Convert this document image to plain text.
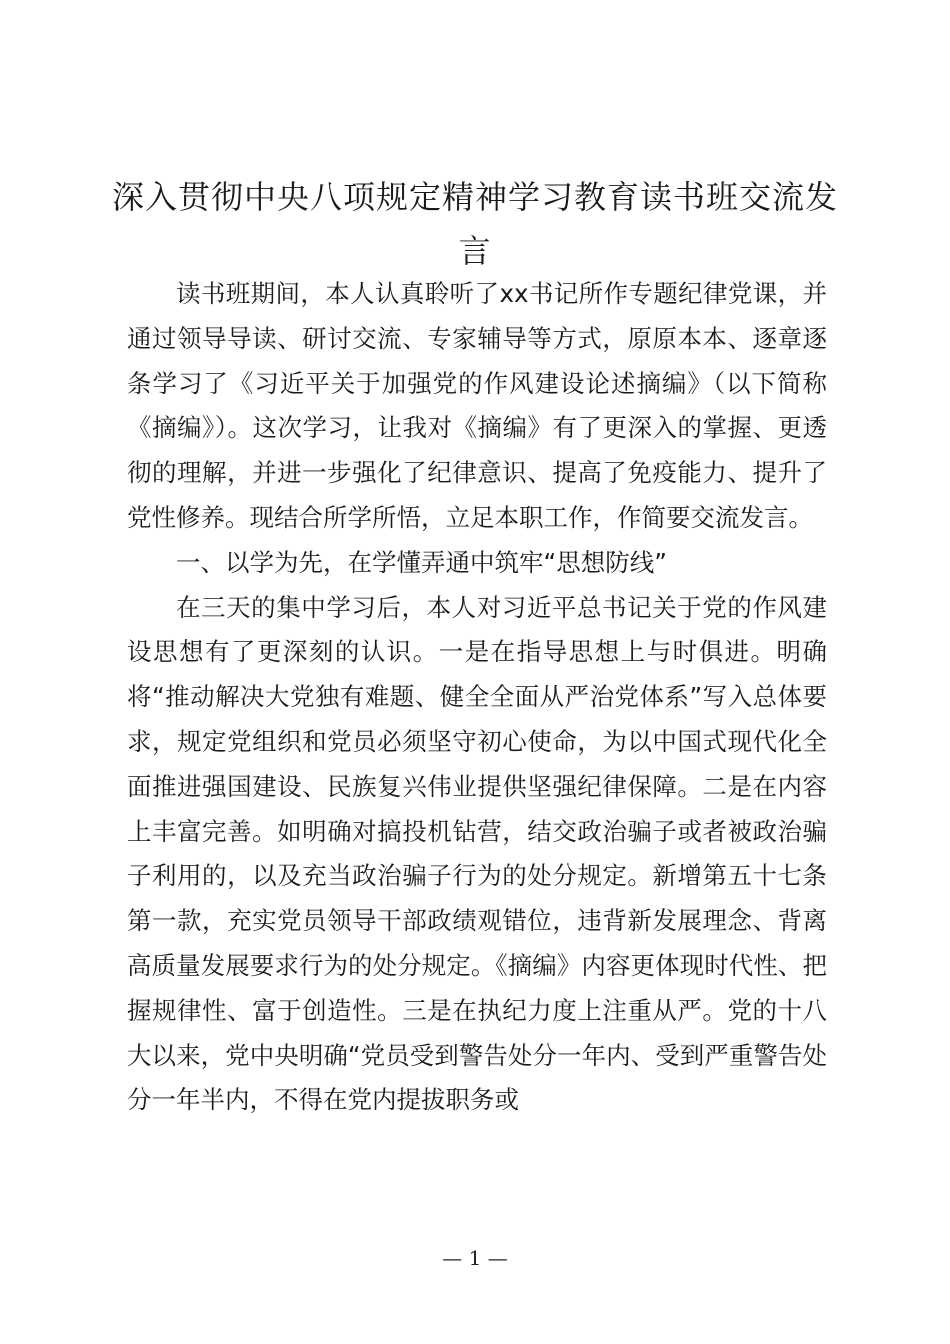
深入贯彻中央八项规定精神学习教育读书班交流发言

读书班期间，本人认真聆听了xx书记所作专题纪律党课，并通过领导导读、研讨交流、专家辅导等方式，原原本本、逐章逐条学习了《习近平关于加强党的作风建设论述摘编》（以下简称《摘编》）。这次学习，让我对《摘编》有了更深入的掌握、更透彻的理解，并进一步强化了纪律意识、提高了免疫能力、提升了党性修养。现结合所学所悟，立足本职工作，作简要交流发言。

一、以学为先，在学懂弄通中筑牢“思想防线”

在三天的集中学习后，本人对习近平总书记关于党的作风建设思想有了更深刻的认识。一是在指导思想上与时俱进。明确将“推动解决大党独有难题、健全全面从严治党体系”写入总体要求，规定党组织和党员必须坚守初心使命，为以中国式现代化全面推进强国建设、民族复兴伟业提供坚强纪律保障。二是在内容上丰富完善。如明确对搞投机钻营，结交政治骗子或者被政治骗子利用的，以及充当政治骗子行为的处分规定。新增第五十七条第一款，充实党员领导干部政绩观错位，违背新发展理念、背离高质量发展要求行为的处分规定。《摘编》内容更体现时代性、把握规律性、富于创造性。三是在执纪力度上注重从严。党的十八大以来，党中央明确“党员受到警告处分一年内、受到严重警告处分一年半内，不得在党内提拔职务或

— 1 —
